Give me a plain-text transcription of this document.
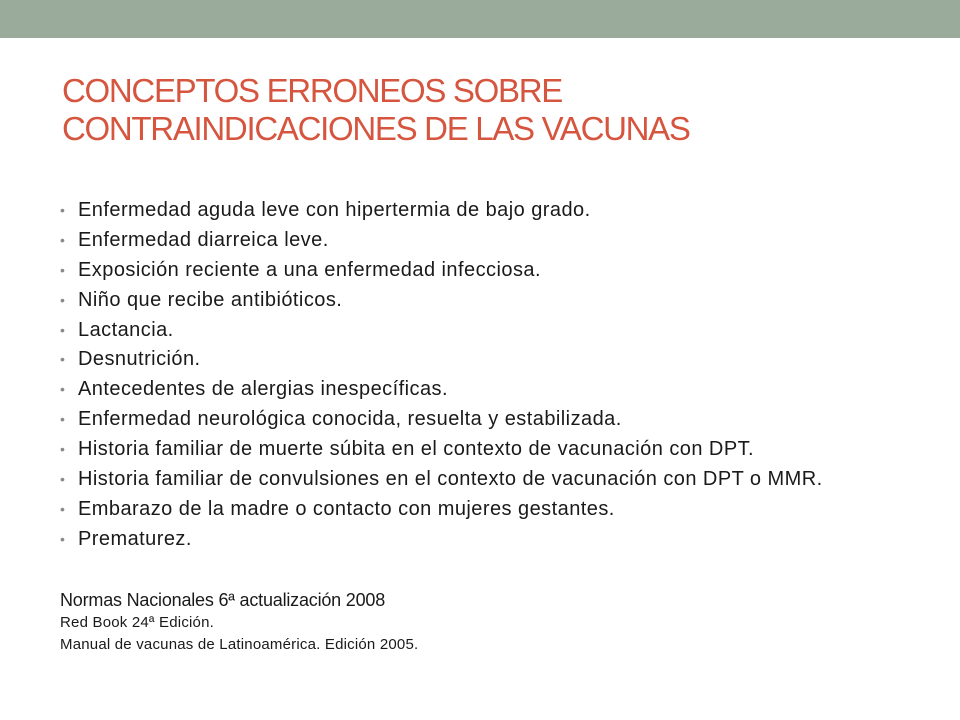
CONCEPTOS ERRONEOS SOBRE
CONTRAINDICACIONES DE LAS VACUNAS
• Enfermedad aguda leve con hipertermia de bajo grado.
• Enfermedad diarreica leve.
• Exposición reciente a una enfermedad infecciosa.
• Niño que recibe antibióticos.
• Lactancia.
• Desnutrición.
• Antecedentes de alergias inespecíficas.
• Enfermedad neurológica conocida, resuelta y estabilizada.
• Historia familiar de muerte súbita en el contexto de vacunación con DPT.
• Historia familiar de convulsiones en el contexto de vacunación con DPT o MMR.
• Embarazo de la madre o contacto con mujeres gestantes.
• Prematurez.
Normas Nacionales 6ª actualización 2008
Red Book 24ª Edición.
Manual de vacunas de Latinoamérica. Edición 2005.
